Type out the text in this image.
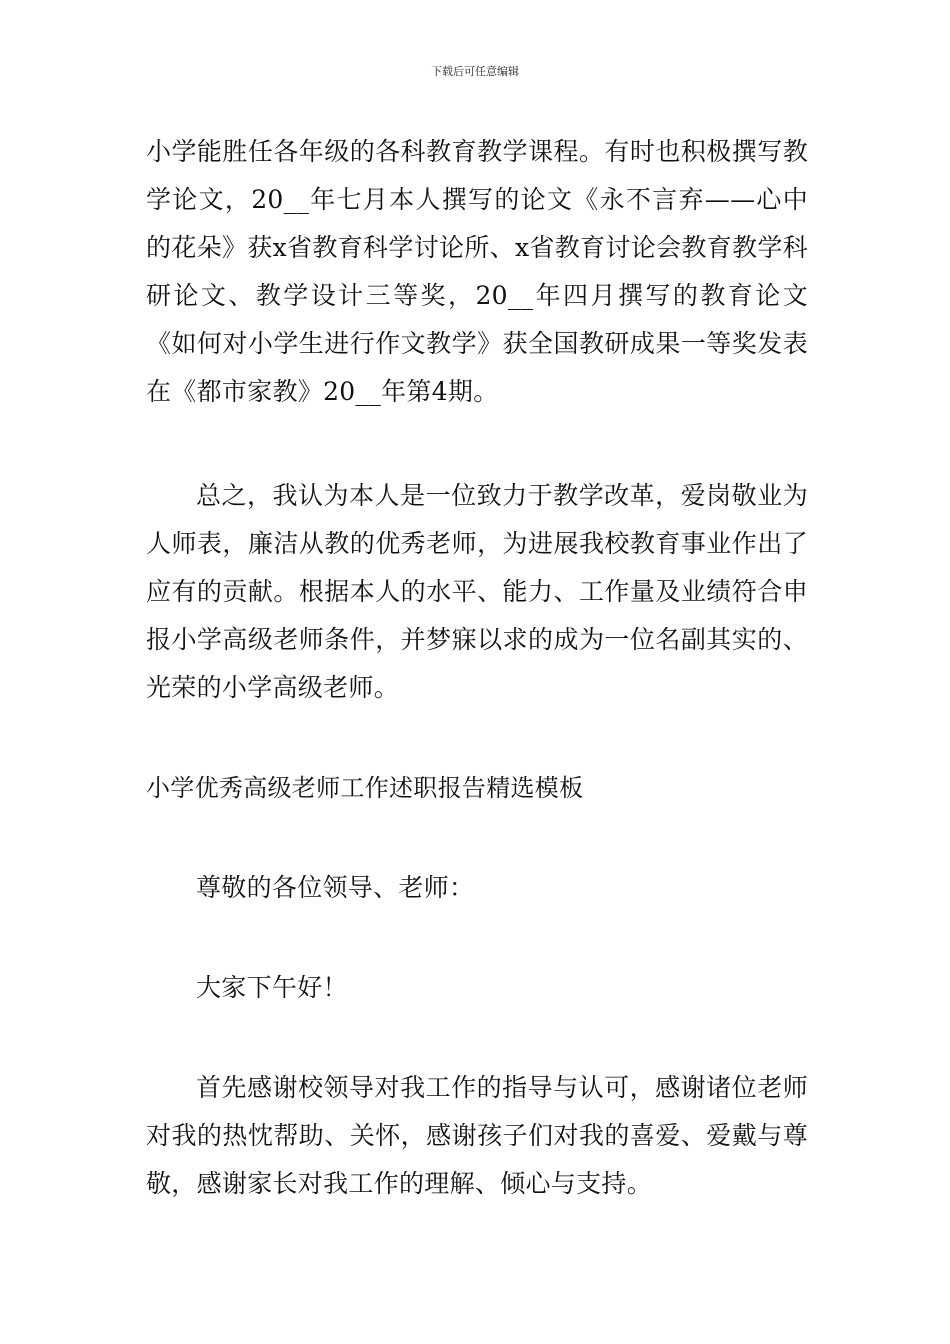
下载后可任意编辑

小学能胜任各年级的各科教育教学课程。有时也积极撰写教学论文，20__年七月本人撰写的论文《永不言弃——心中的花朵》获x省教育科学讨论所、x省教育讨论会教育教学科研论文、教学设计三等奖，20__年四月撰写的教育论文《如何对小学生进行作文教学》获全国教研成果一等奖发表在《都市家教》20__年第4期。

总之，我认为本人是一位致力于教学改革，爱岗敬业为人师表，廉洁从教的优秀老师，为进展我校教育事业作出了应有的贡献。根据本人的水平、能力、工作量及业绩符合申报小学高级老师条件，并梦寐以求的成为一位名副其实的、光荣的小学高级老师。

小学优秀高级老师工作述职报告精选模板

尊敬的各位领导、老师：

大家下午好！

首先感谢校领导对我工作的指导与认可，感谢诸位老师对我的热忱帮助、关怀，感谢孩子们对我的喜爱、爱戴与尊敬，感谢家长对我工作的理解、倾心与支持。
